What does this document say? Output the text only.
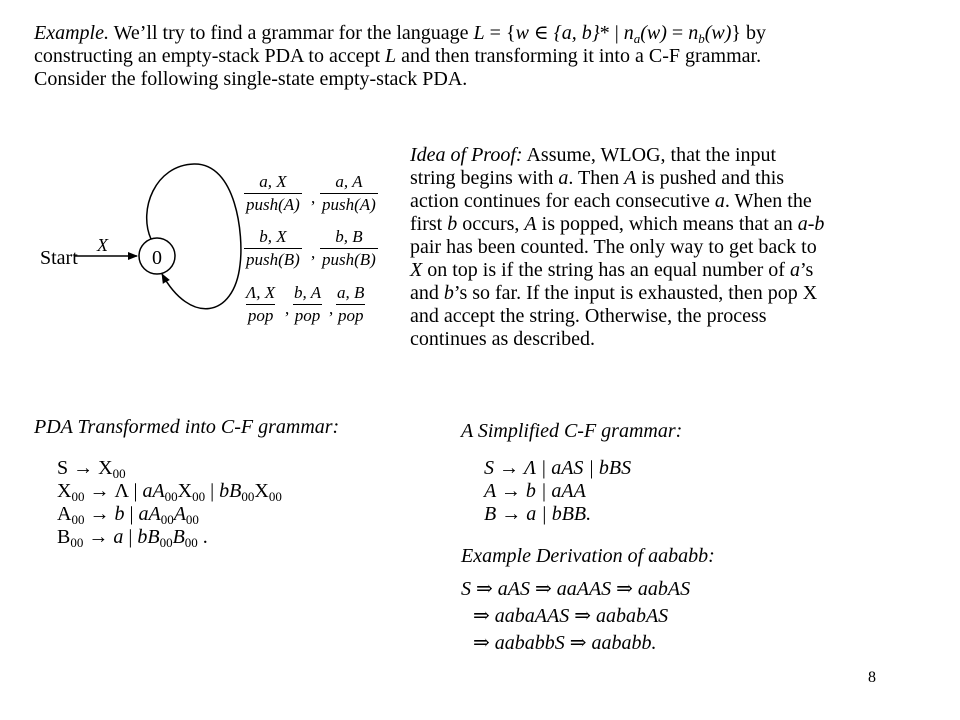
Example. We’ll try to find a grammar for the language L = {w ∈ {a, b}* | $n_a(w) = n_b(w)$} by
constructing an empty-stack PDA to accept L and then transforming it into a C-F grammar.
Consider the following single-state empty-stack PDA.
Start
X
0
a, X
push(A) ,
a, A
push(A)
b, X
push(B) ,
b, B
push(B)
Λ, X
pop ,
b, A
pop ,
a, B
pop
Idea of Proof: Assume, WLOG, that the input
string begins with a. Then A is pushed and this
action continues for each consecutive a. When the
first b occurs, A is popped, which means that an a-b
pair has been counted. The only way to get back to
X on top is if the string has an equal number of a’s
and b’s so far. If the input is exhausted, then pop X
and accept the string. Otherwise, the process
continues as described.
PDA Transformed into C-F grammar:
$S \to X_{00}$
$X_{00} \to \Lambda$ | $aA_{00}X_{00}$ | $bB_{00}X_{00}$
$A_{00} \to b$ | $aA_{00}A_{00}$
$B_{00} \to a$ | $bB_{00}B_{00}$ .
A Simplified C-F grammar:
S → Λ | aAS | bBS
A → b | aAA
B → a | bBB.
Example Derivation of aababb:
S ⇒ aAS ⇒ aaAAS ⇒ aabAS
⇒ aabaAAS ⇒ aababAS
⇒ aababbS ⇒ aababb.
8
